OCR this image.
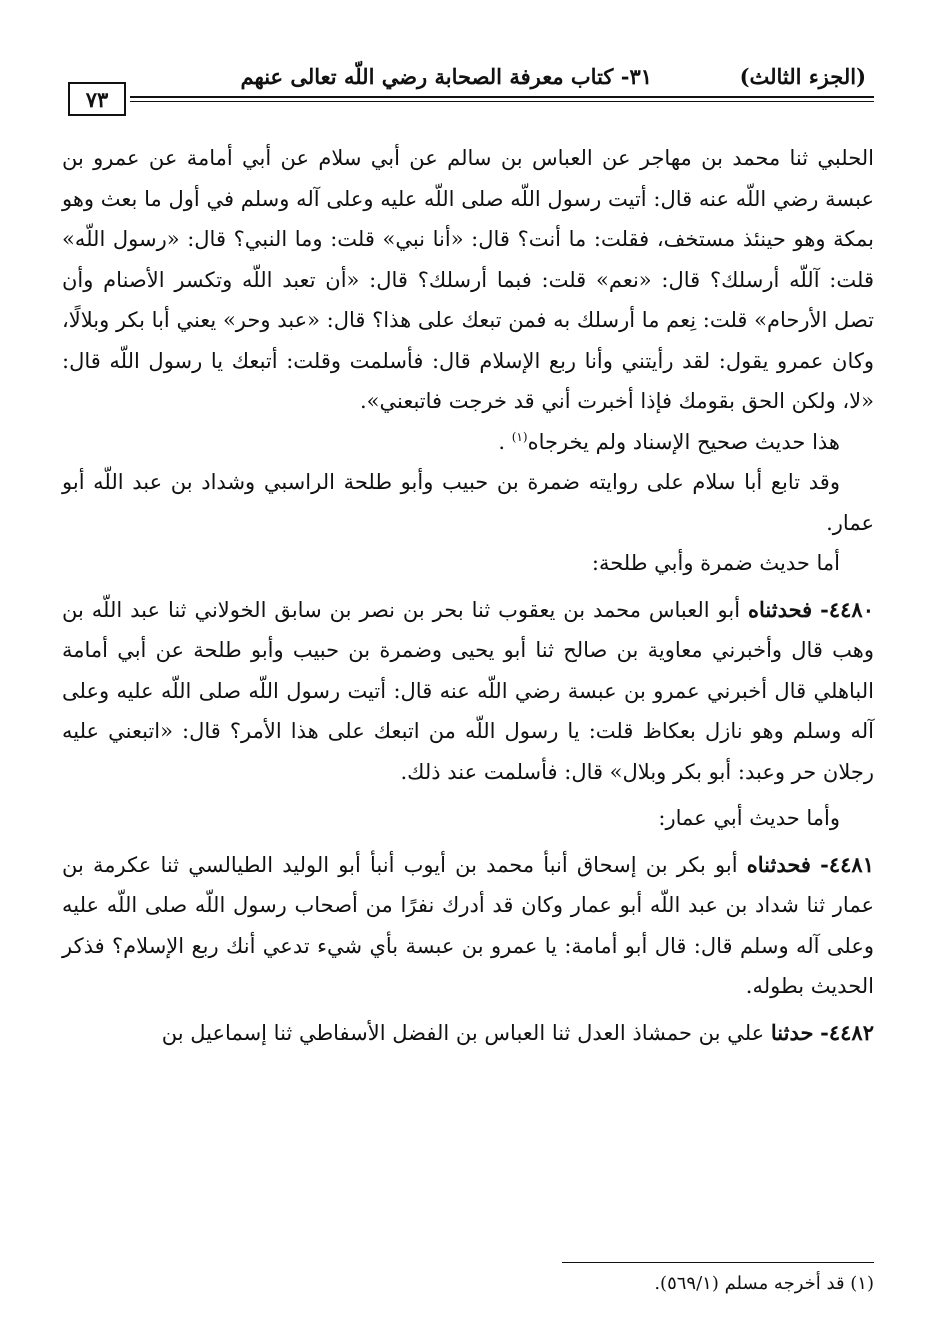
(الجزء الثالث)
٣١- كتاب معرفة الصحابة رضي اللّه تعالى عنهم
٧٣

الحلبي ثنا محمد بن مهاجر عن العباس بن سالم عن أبي سلام عن أبي أمامة عن عمرو بن عبسة رضي اللّه عنه قال: أتيت رسول اللّه صلى اللّه عليه وعلى آله وسلم في أول ما بعث وهو بمكة وهو حينئذ مستخف، فقلت: ما أنت؟ قال: «أنا نبي» قلت: وما النبي؟ قال: «رسول اللّه» قلت: آللّه أرسلك؟ قال: «نعم» قلت: فبما أرسلك؟ قال: «أن تعبد اللّه وتكسر الأصنام وأن تصل الأرحام» قلت: نِعم ما أرسلك به فمن تبعك على هذا؟ قال: «عبد وحر» يعني أبا بكر وبلالًا، وكان عمرو يقول: لقد رأيتني وأنا ربع الإسلام قال: فأسلمت وقلت: أتبعك يا رسول اللّه قال: «لا، ولكن الحق بقومك فإذا أخبرت أني قد خرجت فاتبعني».

هذا حديث صحيح الإسناد ولم يخرجاه$^{(١)}$ .

وقد تابع أبا سلام على روايته ضمرة بن حبيب وأبو طلحة الراسبي وشداد بن عبد اللّه أبو عمار.

أما حديث ضمرة وأبي طلحة:

٤٤٨٠- فحدثناه أبو العباس محمد بن يعقوب ثنا بحر بن نصر بن سابق الخولاني ثنا عبد اللّه بن وهب قال وأخبرني معاوية بن صالح ثنا أبو يحيى وضمرة بن حبيب وأبو طلحة عن أبي أمامة الباهلي قال أخبرني عمرو بن عبسة رضي اللّه عنه قال: أتيت رسول اللّه صلى اللّه عليه وعلى آله وسلم وهو نازل بعكاظ قلت: يا رسول اللّه من اتبعك على هذا الأمر؟ قال: «اتبعني عليه رجلان حر وعبد: أبو بكر وبلال» قال: فأسلمت عند ذلك.

وأما حديث أبي عمار:

٤٤٨١- فحدثناه أبو بكر بن إسحاق أنبأ محمد بن أيوب أنبأ أبو الوليد الطيالسي ثنا عكرمة بن عمار ثنا شداد بن عبد اللّه أبو عمار وكان قد أدرك نفرًا من أصحاب رسول اللّه صلى اللّه عليه وعلى آله وسلم قال: قال أبو أمامة: يا عمرو بن عبسة بأي شيء تدعي أنك ربع الإسلام؟ فذكر الحديث بطوله.

٤٤٨٢- حدثنا علي بن حمشاذ العدل ثنا العباس بن الفضل الأسفاطي ثنا إسماعيل بن

(١) قد أخرجه مسلم (٥٦٩/١).
